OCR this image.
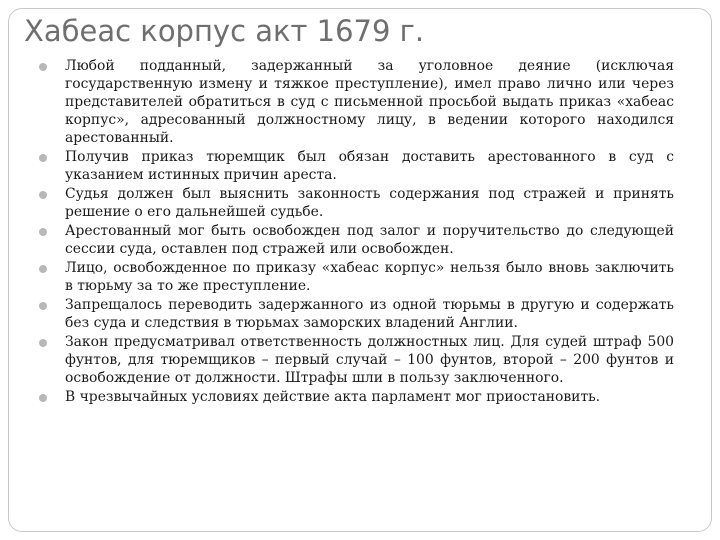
Хабеас корпус акт 1679 г.
Любой подданный, задержанный за уголовное деяние (исключая государственную измену и тяжкое преступление), имел право лично или через представителей обратиться в суд с письменной просьбой выдать приказ «хабеас корпус», адресованный должностному лицу, в ведении которого находился арестованный.
Получив приказ тюремщик был обязан доставить арестованного в суд с указанием истинных причин ареста.
Судья должен был выяснить законность содержания под стражей и принять решение о его дальнейшей судьбе.
Арестованный мог быть освобожден под залог и поручительство до следующей сессии суда, оставлен под стражей или освобожден.
Лицо, освобожденное по приказу «хабеас корпус» нельзя было вновь заключить в тюрьму за то же преступление.
Запрещалось переводить задержанного из одной тюрьмы в другую и содержать без суда и следствия в тюрьмах заморских владений Англии.
Закон предусматривал ответственность должностных лиц. Для судей штраф 500 фунтов, для тюремщиков – первый случай – 100 фунтов, второй – 200 фунтов и освобождение от должности. Штрафы шли в пользу заключенного.
В чрезвычайных условиях действие акта парламент мог приостановить.
